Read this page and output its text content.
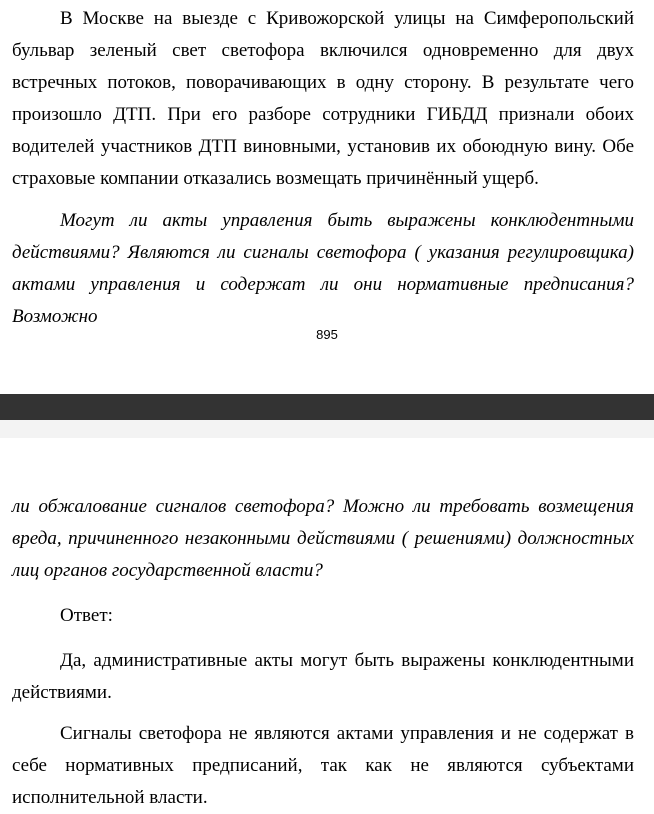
В Москве на выезде с Кривожорской улицы на Симферопольский бульвар зеленый свет светофора включился одновременно для двух встречных потоков, поворачивающих в одну сторону. В результате чего произошло ДТП. При его разборе сотрудники ГИБДД признали обоих водителей участников ДТП виновными, установив их обоюдную вину. Обе страховые компании отказались возмещать причинённый ущерб.

Могут ли акты управления быть выражены конклюдентными действиями? Являются ли сигналы светофора ( указания регулировщика) актами управления и содержат ли они нормативные предписания? Возможно

895

ли обжалование сигналов светофора? Можно ли требовать возмещения вреда, причиненного незаконными действиями ( решениями) должностных лиц органов государственной власти?

Ответ:

Да, административные акты могут быть выражены конклюдентными действиями.

Сигналы светофора не являются актами управления и не содержат в себе нормативных предписаний, так как не являются субъектами исполнительной власти.
